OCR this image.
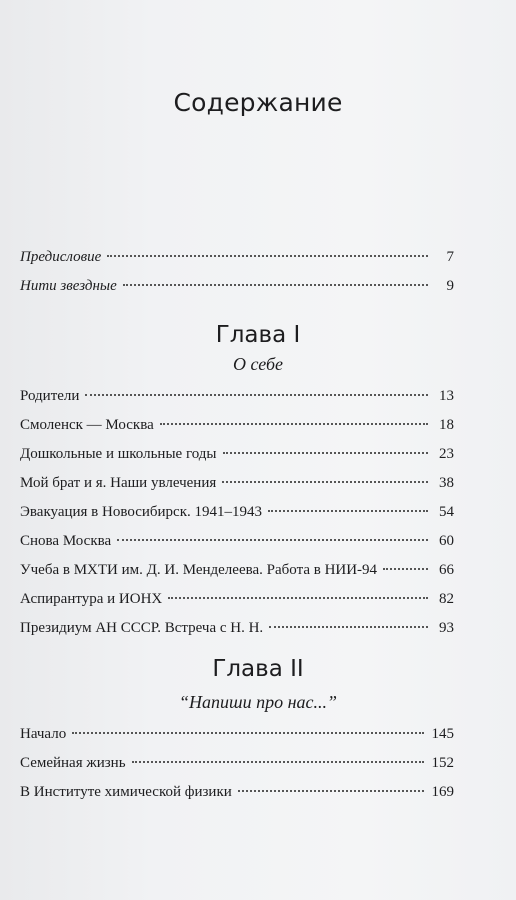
Содержание
Предисловие	7
Нити звездные	9
Глава I
О себе
Родители	13
Смоленск — Москва	18
Дошкольные и школьные годы	23
Мой брат и я. Наши увлечения	38
Эвакуация в Новосибирск. 1941–1943	54
Снова Москва	60
Учеба в МХТИ им. Д. И. Менделеева. Работа в НИИ-94	66
Аспирантура и ИОНХ	82
Президиум АН СССР. Встреча с Н. Н.	93
Глава II
“Напиши про нас...”
Начало	145
Семейная жизнь	152
В Институте химической физики	169
